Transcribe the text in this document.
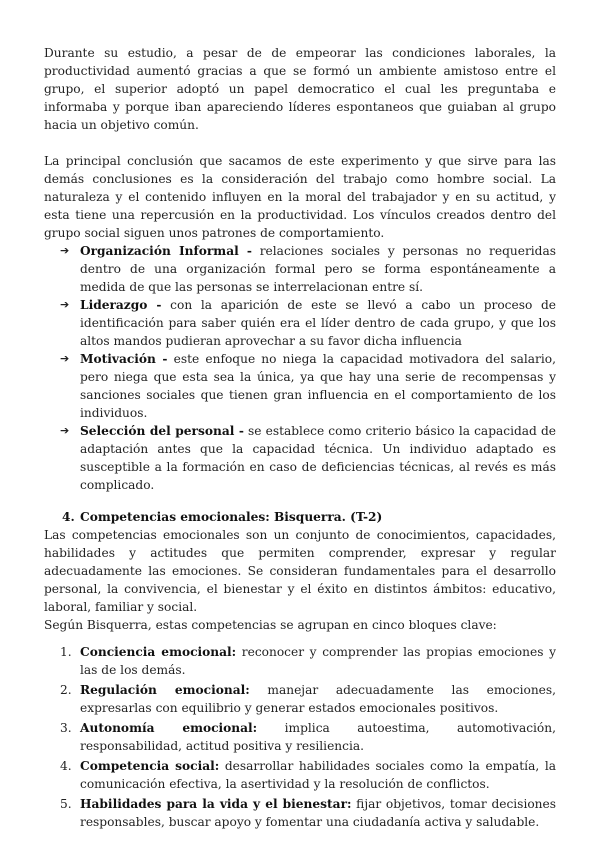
Durante su estudio, a pesar de de empeorar las condiciones laborales, la productividad aumentó gracias a que se formó un ambiente amistoso entre el grupo, el superior adoptó un papel democratico el cual les preguntaba e informaba y porque iban apareciendo líderes espontaneos que guiaban al grupo hacia un objetivo común.

La principal conclusión que sacamos de este experimento y que sirve para las demás conclusiones es la consideración del trabajo como hombre social. La naturaleza y el contenido influyen en la moral del trabajador y en su actitud, y esta tiene una repercusión en la productividad. Los vínculos creados dentro del grupo social siguen unos patrones de comportamiento.

➔ Organización Informal - relaciones sociales y personas no requeridas dentro de una organización formal pero se forma espontáneamente a medida de que las personas se interrelacionan entre sí.
➔ Liderazgo - con la aparición de este se llevó a cabo un proceso de identificación para saber quién era el líder dentro de cada grupo, y que los altos mandos pudieran aprovechar a su favor dicha influencia
➔ Motivación - este enfoque no niega la capacidad motivadora del salario, pero niega que esta sea la única, ya que hay una serie de recompensas y sanciones sociales que tienen gran influencia en el comportamiento de los individuos.
➔ Selección del personal - se establece como criterio básico la capacidad de adaptación antes que la capacidad técnica. Un individuo adaptado es susceptible a la formación en caso de deficiencias técnicas, al revés es más complicado.
4. Competencias emocionales: Bisquerra. (T-2)

Las competencias emocionales son un conjunto de conocimientos, capacidades, habilidades y actitudes que permiten comprender, expresar y regular adecuadamente las emociones. Se consideran fundamentales para el desarrollo personal, la convivencia, el bienestar y el éxito en distintos ámbitos: educativo, laboral, familiar y social.

Según Bisquerra, estas competencias se agrupan en cinco bloques clave:

1. Conciencia emocional: reconocer y comprender las propias emociones y las de los demás.
2. Regulación emocional: manejar adecuadamente las emociones, expresarlas con equilibrio y generar estados emocionales positivos.
3. Autonomía emocional: implica autoestima, automotivación, responsabilidad, actitud positiva y resiliencia.
4. Competencia social: desarrollar habilidades sociales como la empatía, la comunicación efectiva, la asertividad y la resolución de conflictos.
5. Habilidades para la vida y el bienestar: fijar objetivos, tomar decisiones responsables, buscar apoyo y fomentar una ciudadanía activa y saludable.
